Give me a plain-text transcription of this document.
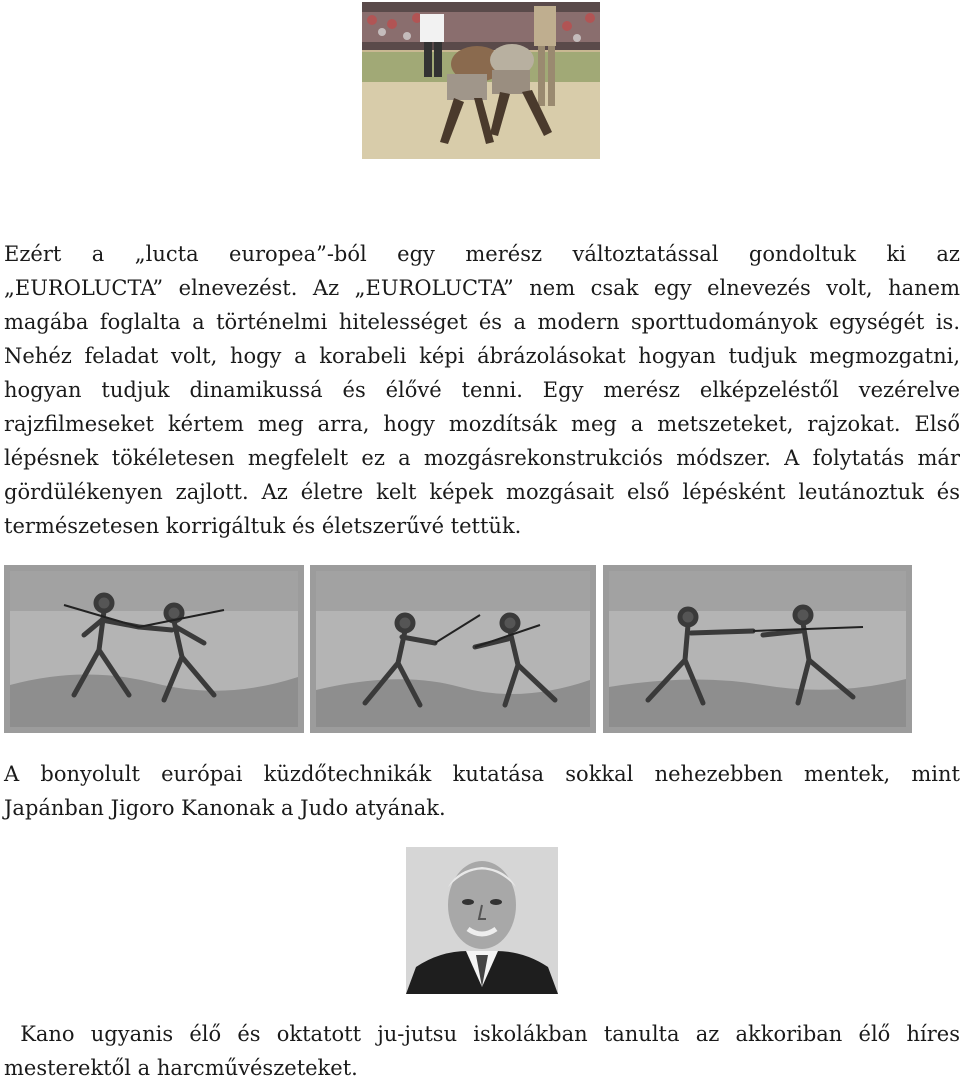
Ezért a „lucta europea”-ból egy merész változtatással gondoltuk ki az
„EUROLUCTA” elnevezést. Az „EUROLUCTA” nem csak egy elnevezés volt, hanem
magába foglalta a történelmi hitelességet és a modern sporttudományok egységét is.
Nehéz feladat volt, hogy a korabeli képi ábrázolásokat hogyan tudjuk megmozgatni,
hogyan tudjuk dinamikussá és élővé tenni. Egy merész elképzeléstől vezérelve
rajzfilmeseket kértem meg arra, hogy mozdítsák meg a metszeteket, rajzokat. Első
lépésnek tökéletesen megfelelt ez a mozgásrekonstrukciós módszer. A folytatás már
gördülékenyen zajlott. Az életre kelt képek mozgásait első lépésként leutánoztuk és
természetesen korrigáltuk és életszerűvé tettük.
A bonyolult európai küzdőtechnikák kutatása sokkal nehezebben mentek, mint
Japánban Jigoro Kanonak a Judo atyának.
Kano ugyanis élő és oktatott ju-jutsu iskolákban tanulta az akkoriban élő híres
mesterektől a harcművészeteket.
